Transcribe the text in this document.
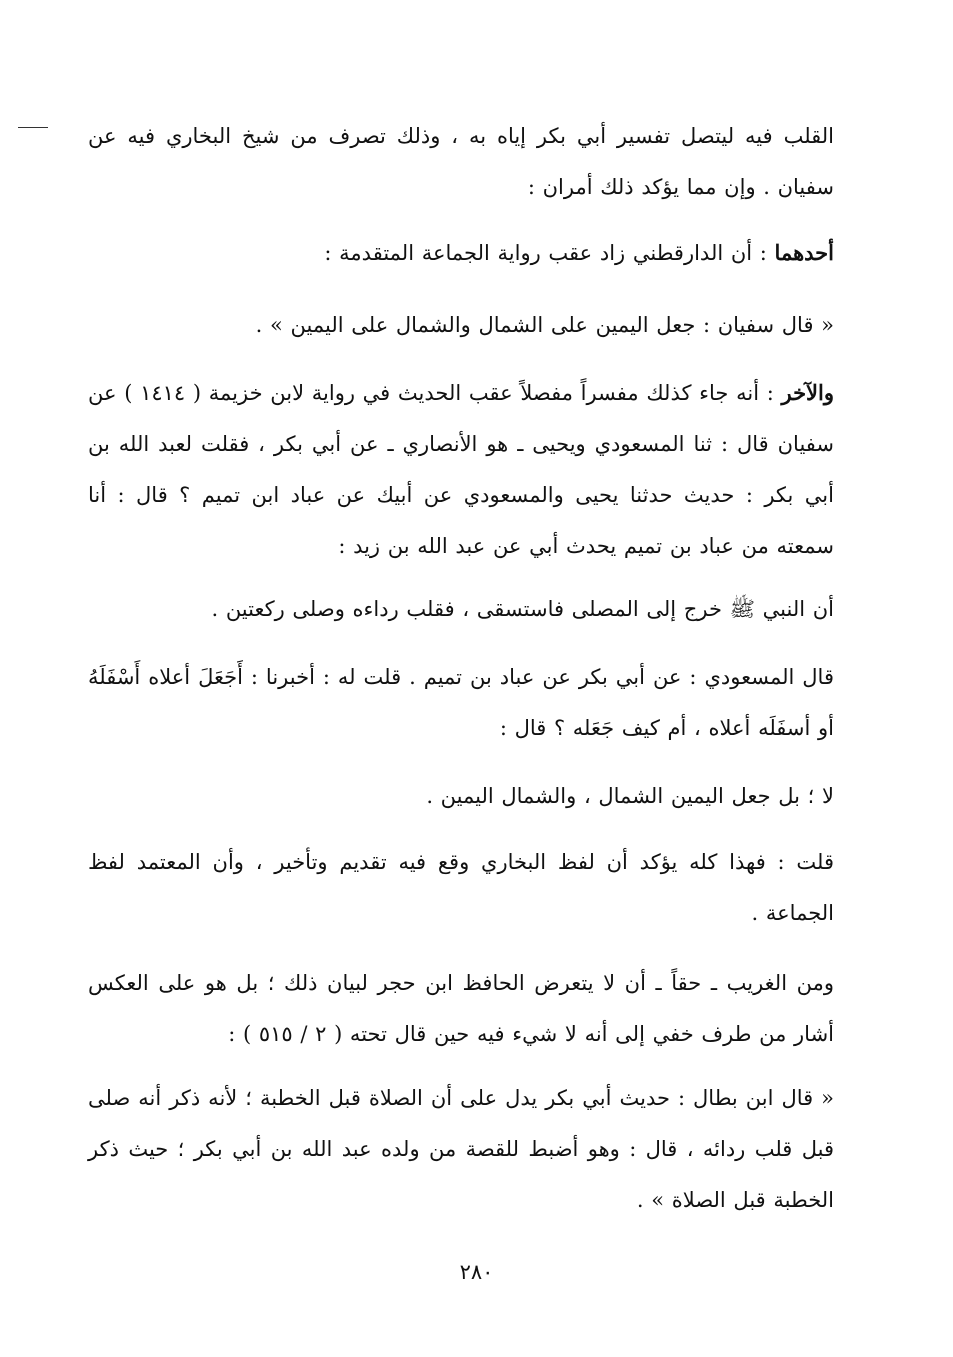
القلب فيه ليتصل تفسير أبي بكر إياه به ، وذلك تصرف من شيخ البخاري فيه عن سفيان . وإن مما يؤكد ذلك أمران :
أحدهما : أن الدارقطني زاد عقب رواية الجماعة المتقدمة :
« قال سفيان : جعل اليمين على الشمال والشمال على اليمين » .
والآخر : أنه جاء كذلك مفسراً مفصلاً عقب الحديث في رواية لابن خزيمة ( ١٤١٤ ) عن سفيان قال : ثنا المسعودي ويحيى ـ هو الأنصاري ـ عن أبي بكر ، فقلت لعبد الله بن أبي بكر : حديث حدثنا يحيى والمسعودي عن أبيك عن عباد ابن تميم ؟ قال : أنا سمعته من عباد بن تميم يحدث أبي عن عبد الله بن زيد :
أن النبي ﷺ خرج إلى المصلى فاستسقى ، فقلب رداءه وصلى ركعتين .
قال المسعودي : عن أبي بكر عن عباد بن تميم . قلت له : أخبرنا : أَجَعَلَ أعلاه أَسْفَلَهُ أو أسفَلَه أعلاه ، أم كيف جَعَله ؟ قال :
لا ؛ بل جعل اليمين الشمال ، والشمال اليمين .
قلت : فهذا كله يؤكد أن لفظ البخاري وقع فيه تقديم وتأخير ، وأن المعتمد لفظ الجماعة .
ومن الغريب ـ حقاً ـ أن لا يتعرض الحافظ ابن حجر لبيان ذلك ؛ بل هو على العكس أشار من طرف خفي إلى أنه لا شيء فيه حين قال تحته ( ٢ / ٥١٥ ) :
« قال ابن بطال : حديث أبي بكر يدل على أن الصلاة قبل الخطبة ؛ لأنه ذكر أنه صلى قبل قلب ردائه ، قال : وهو أضبط للقصة من ولده عبد الله بن أبي بكر ؛ حيث ذكر الخطبة قبل الصلاة » .
٢٨٠
